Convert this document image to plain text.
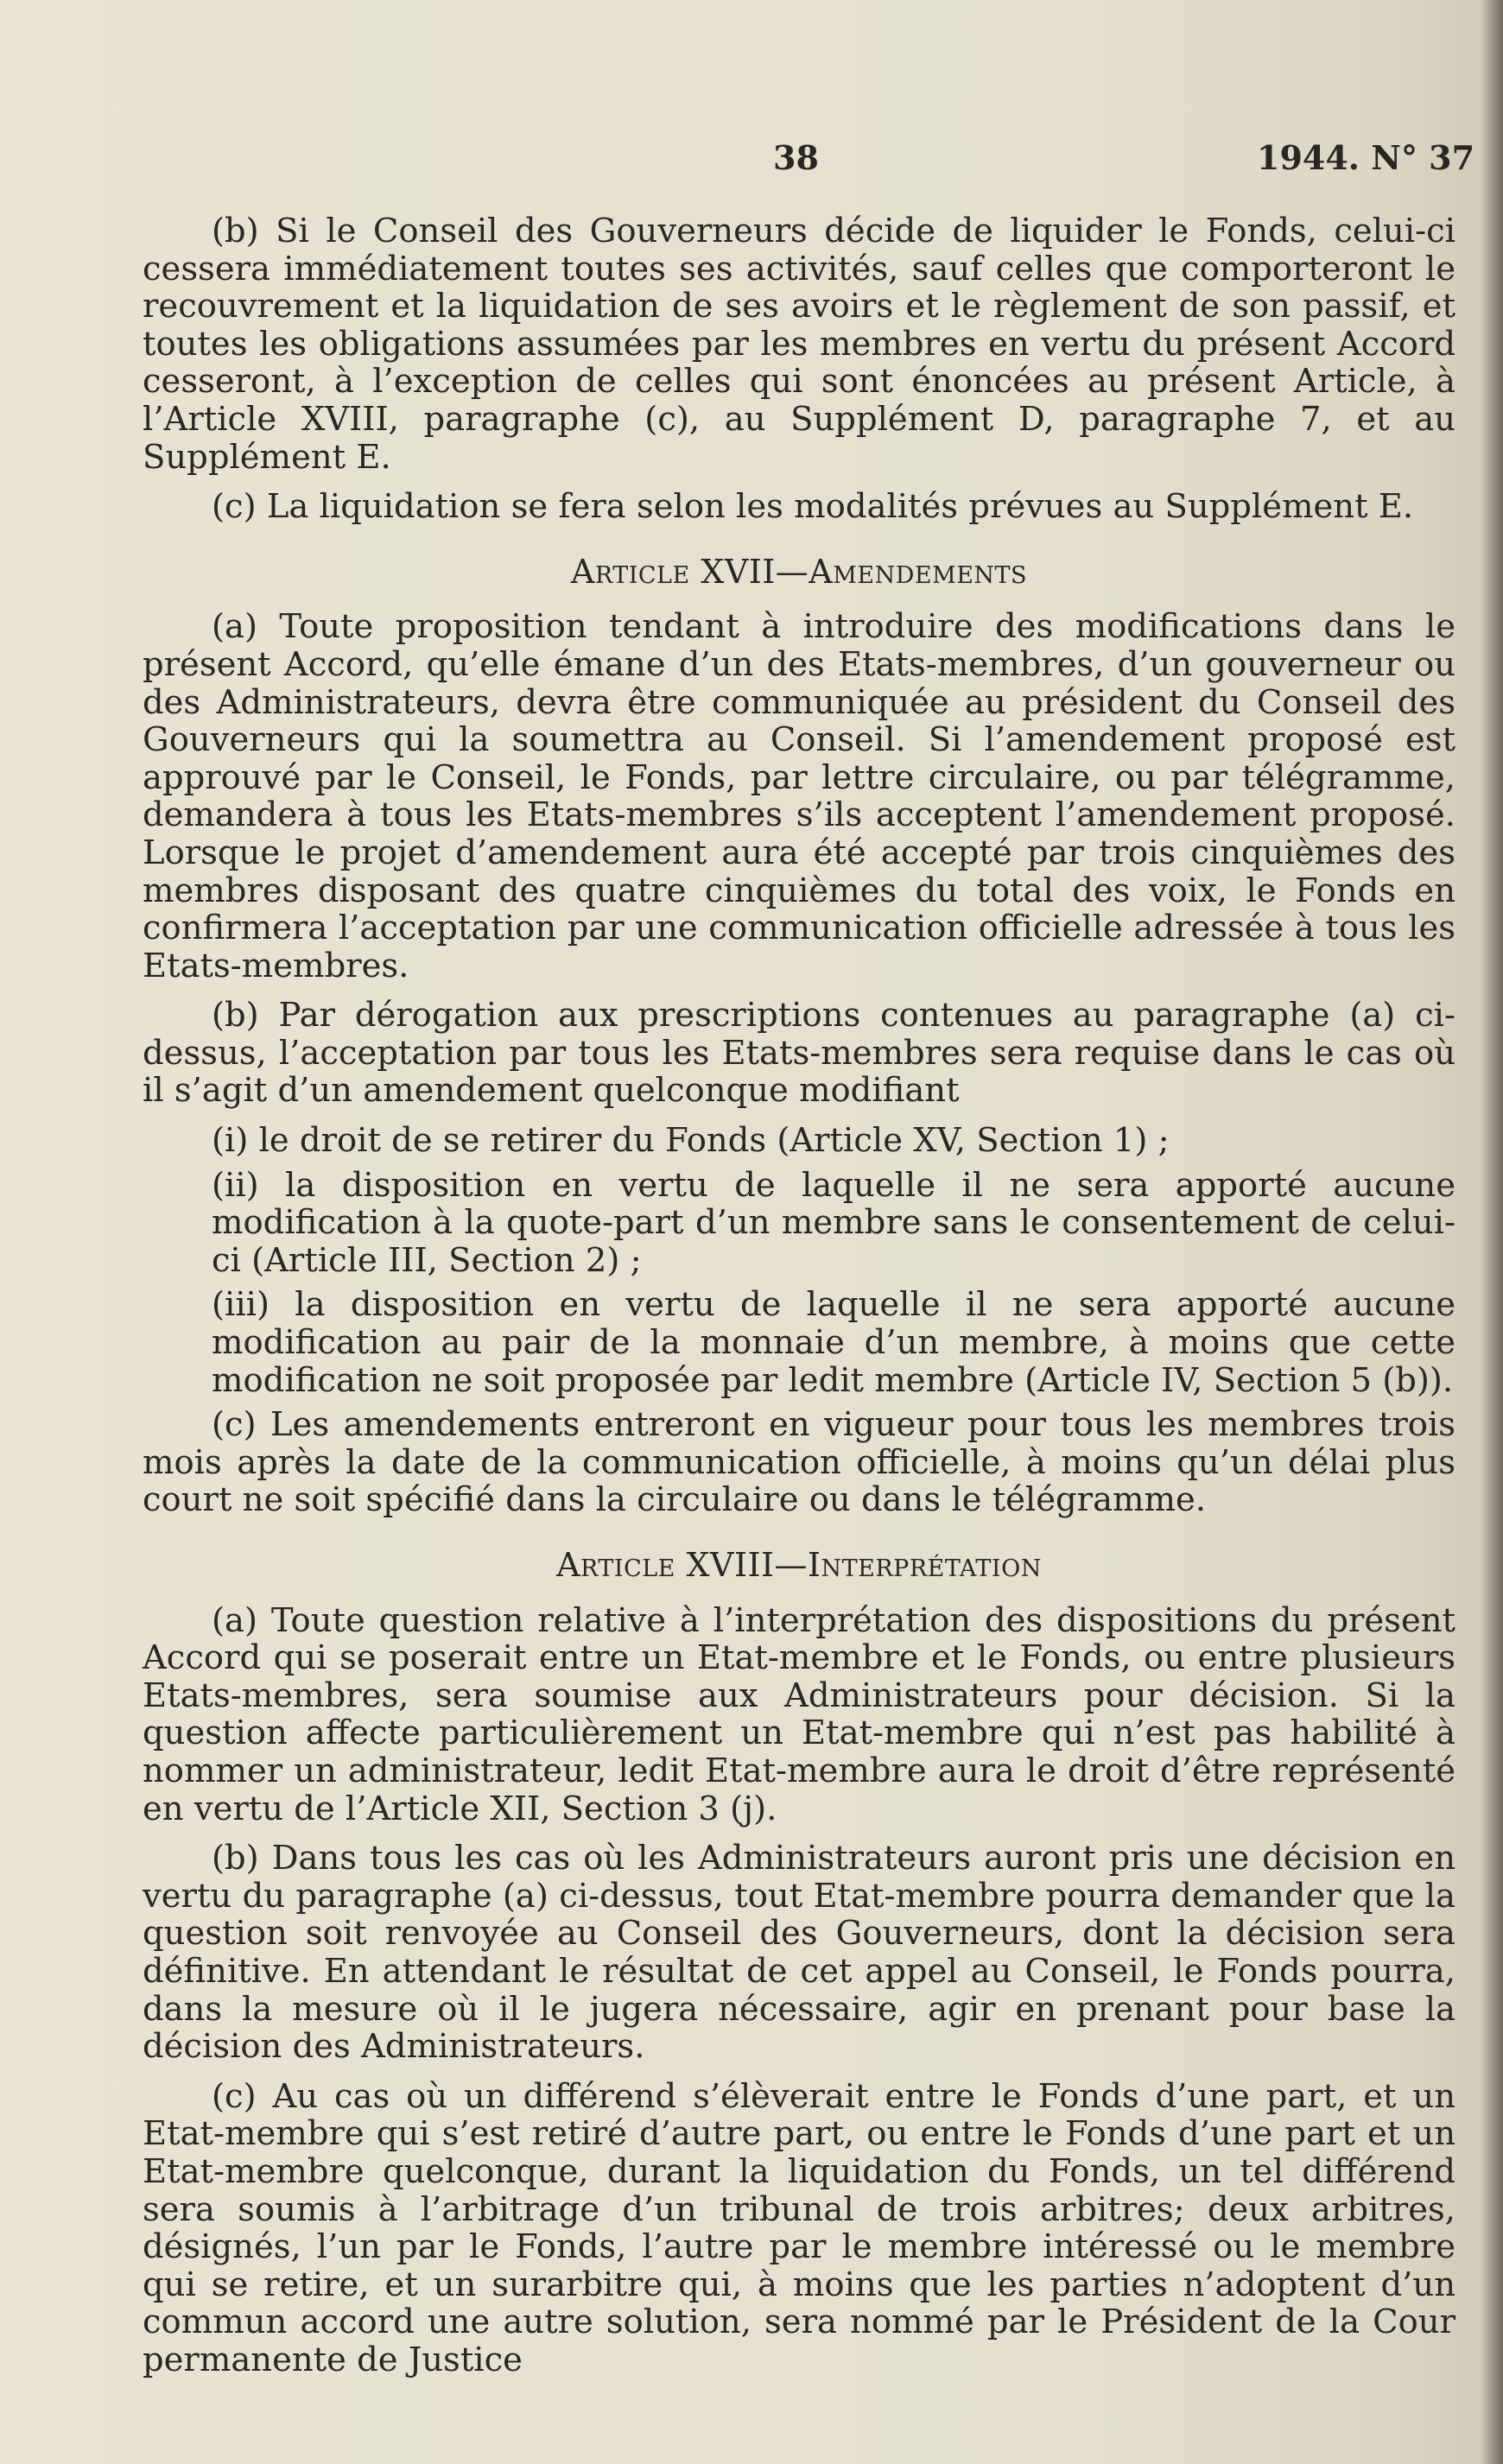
38	1944. N° 37

(b) Si le Conseil des Gouverneurs décide de liquider le Fonds, celui-ci cessera immédiatement toutes ses activités, sauf celles que comporteront le recouvrement et la liquidation de ses avoirs et le règlement de son passif, et toutes les obligations assumées par les membres en vertu du présent Accord cesseront, à l’exception de celles qui sont énoncées au présent Article, à l’Article XVIII, paragraphe (c), au Supplément D, paragraphe 7, et au Supplément E.

(c) La liquidation se fera selon les modalités prévues au Supplément E.

Article XVII—Amendements

(a) Toute proposition tendant à introduire des modifications dans le présent Accord, qu’elle émane d’un des Etats-membres, d’un gouverneur ou des Administrateurs, devra être communiquée au président du Conseil des Gouverneurs qui la soumettra au Conseil. Si l’amendement proposé est approuvé par le Conseil, le Fonds, par lettre circulaire, ou par télégramme, demandera à tous les Etats-membres s’ils acceptent l’amendement proposé. Lorsque le projet d’amendement aura été accepté par trois cinquièmes des membres disposant des quatre cinquièmes du total des voix, le Fonds en confirmera l’acceptation par une communication officielle adressée à tous les Etats-membres.

(b) Par dérogation aux prescriptions contenues au paragraphe (a) ci-dessus, l’acceptation par tous les Etats-membres sera requise dans le cas où il s’agit d’un amendement quelconque modifiant

(i) le droit de se retirer du Fonds (Article XV, Section 1) ;

(ii) la disposition en vertu de laquelle il ne sera apporté aucune modification à la quote-part d’un membre sans le consentement de celui-ci (Article III, Section 2) ;

(iii) la disposition en vertu de laquelle il ne sera apporté aucune modification au pair de la monnaie d’un membre, à moins que cette modification ne soit proposée par ledit membre (Article IV, Section 5 (b)).

(c) Les amendements entreront en vigueur pour tous les membres trois mois après la date de la communication officielle, à moins qu’un délai plus court ne soit spécifié dans la circulaire ou dans le télégramme.

Article XVIII—Interprétation

(a) Toute question relative à l’interprétation des dispositions du présent Accord qui se poserait entre un Etat-membre et le Fonds, ou entre plusieurs Etats-membres, sera soumise aux Administrateurs pour décision. Si la question affecte particulièrement un Etat-membre qui n’est pas habilité à nommer un administrateur, ledit Etat-membre aura le droit d’être représenté en vertu de l’Article XII, Section 3 (j).

(b) Dans tous les cas où les Administrateurs auront pris une décision en vertu du paragraphe (a) ci-dessus, tout Etat-membre pourra demander que la question soit renvoyée au Conseil des Gouverneurs, dont la décision sera définitive. En attendant le résultat de cet appel au Conseil, le Fonds pourra, dans la mesure où il le jugera nécessaire, agir en prenant pour base la décision des Administrateurs.

(c) Au cas où un différend s’élèverait entre le Fonds d’une part, et un Etat-membre qui s’est retiré d’autre part, ou entre le Fonds d’une part et un Etat-membre quelconque, durant la liquidation du Fonds, un tel différend sera soumis à l’arbitrage d’un tribunal de trois arbitres; deux arbitres, désignés, l’un par le Fonds, l’autre par le membre intéressé ou le membre qui se retire, et un surarbitre qui, à moins que les parties n’adoptent d’un commun accord une autre solution, sera nommé par le Président de la Cour permanente de Justice
